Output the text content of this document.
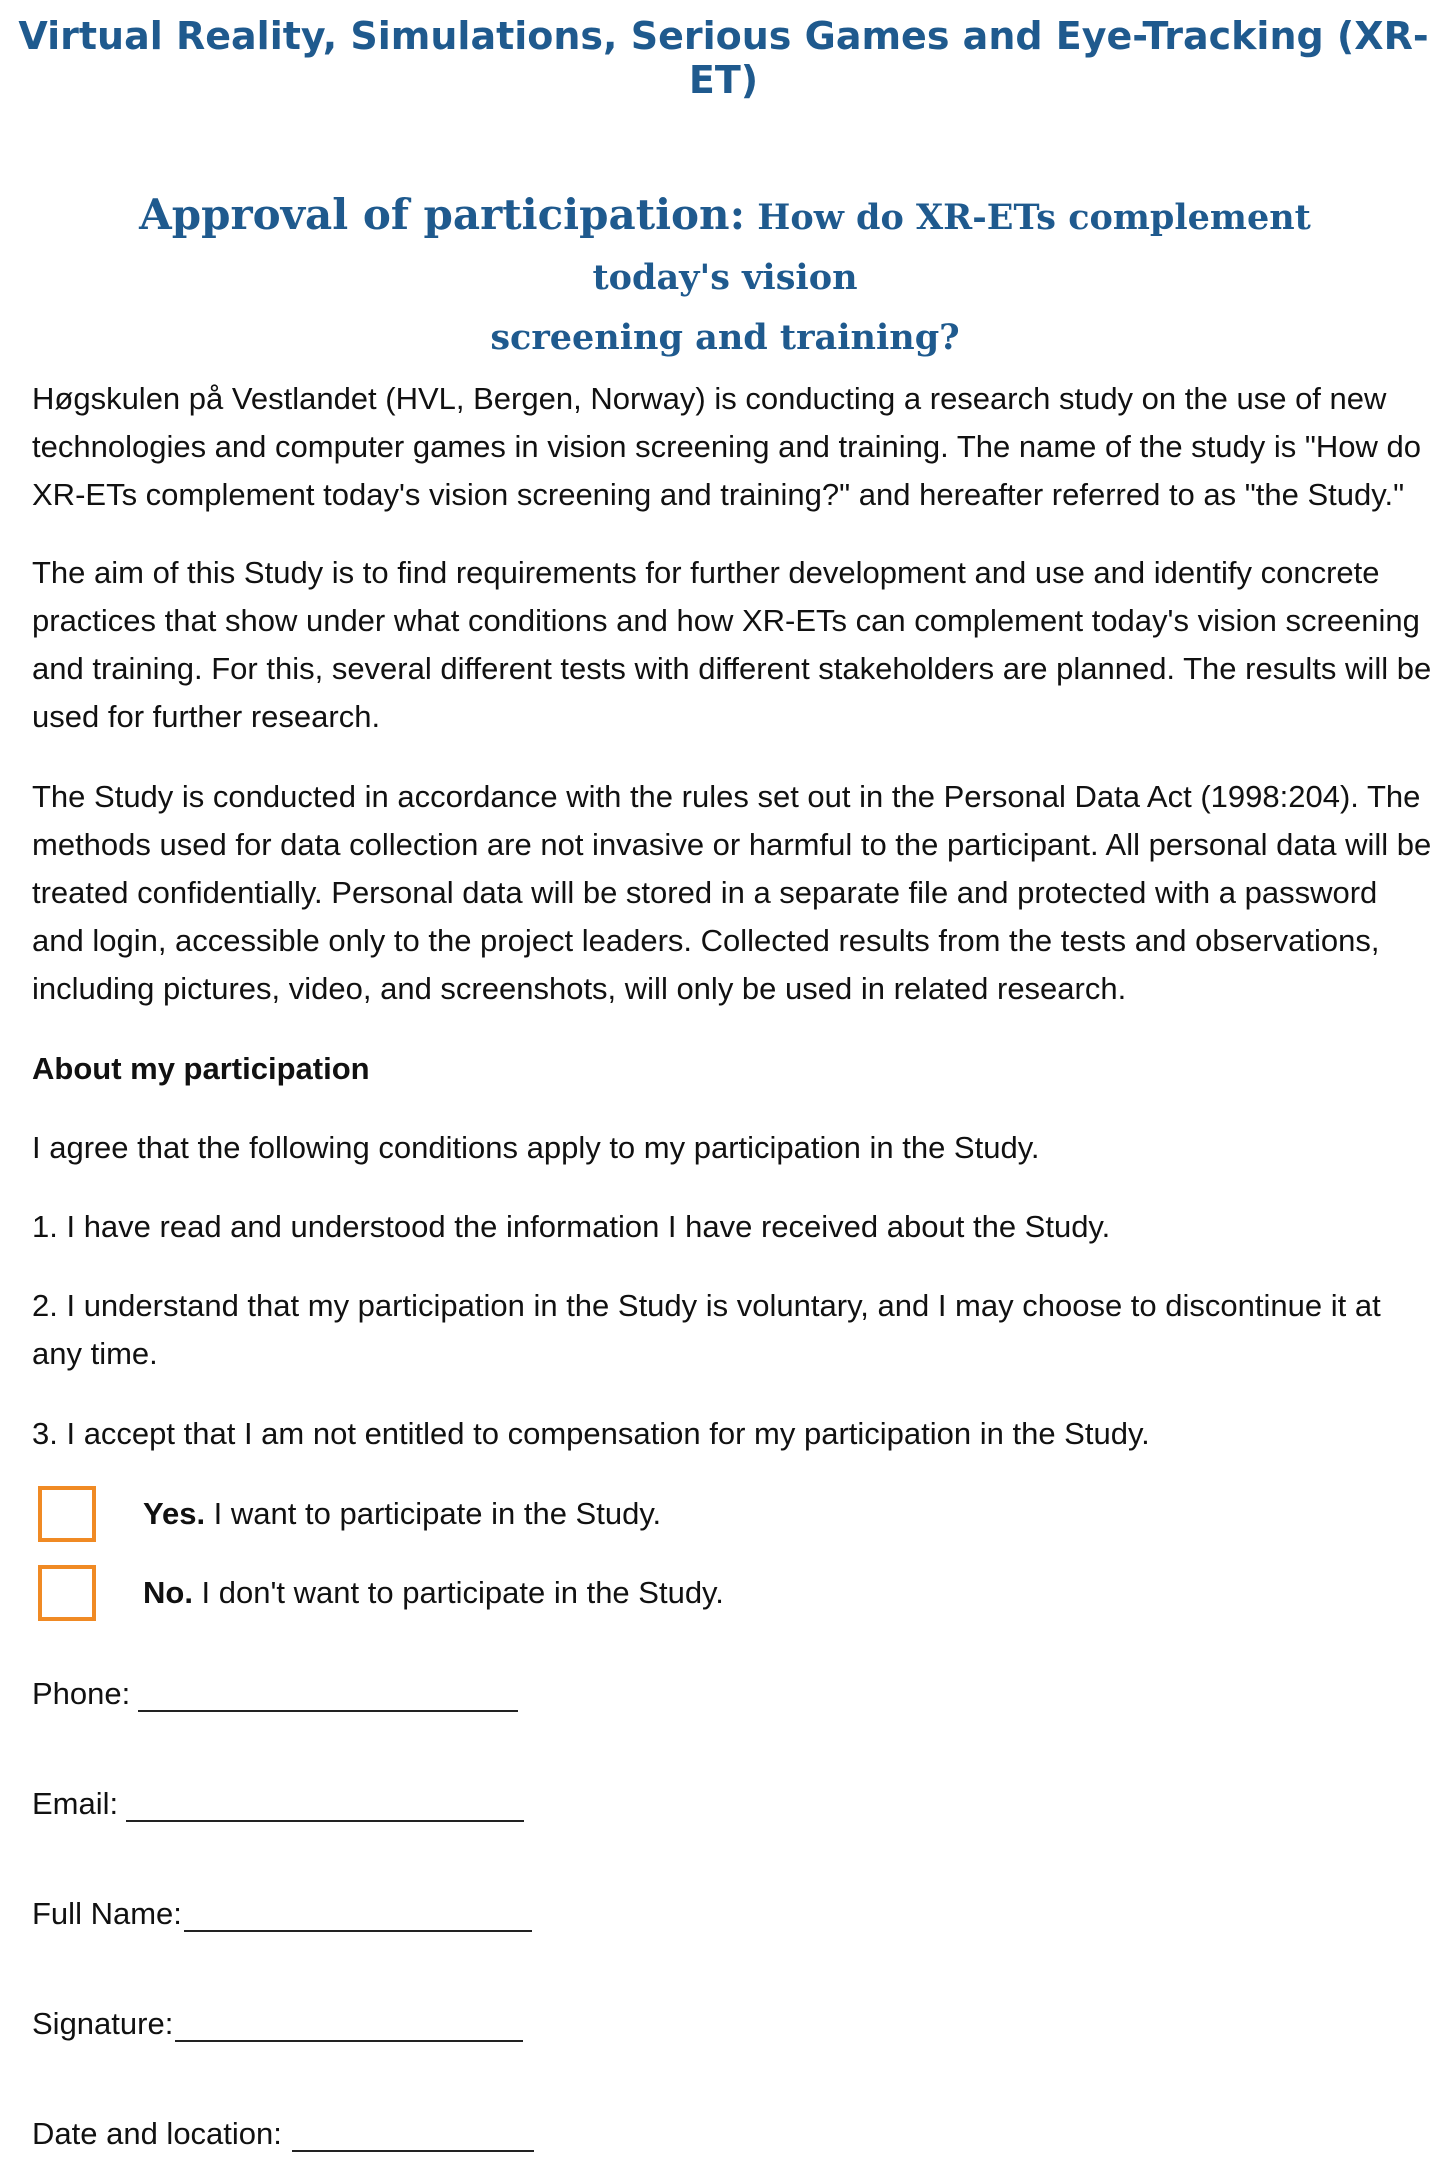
Virtual Reality, Simulations, Serious Games and Eye-Tracking (XR-ET)
Approval of participation: How do XR-ETs complement today's vision
screening and training?
Høgskulen på Vestlandet (HVL, Bergen, Norway) is conducting a research study on the use of new technologies and computer games in vision screening and training. The name of the study is "How do XR-ETs complement today's vision screening and training?" and hereafter referred to as "the Study."
The aim of this Study is to find requirements for further development and use and identify concrete practices that show under what conditions and how XR-ETs can complement today's vision screening and training. For this, several different tests with different stakeholders are planned. The results will be used for further research.
The Study is conducted in accordance with the rules set out in the Personal Data Act (1998:204). The methods used for data collection are not invasive or harmful to the participant. All personal data will be treated confidentially. Personal data will be stored in a separate file and protected with a password and login, accessible only to the project leaders. Collected results from the tests and observations, including pictures, video, and screenshots, will only be used in related research.
About my participation
I agree that the following conditions apply to my participation in the Study.
1. I have read and understood the information I have received about the Study.
2. I understand that my participation in the Study is voluntary, and I may choose to discontinue it at any time.
3. I accept that I am not entitled to compensation for my participation in the Study.
Yes. I want to participate in the Study.
No. I don't want to participate in the Study.
Phone:
Email:
Full Name:
Signature:
Date and location:
